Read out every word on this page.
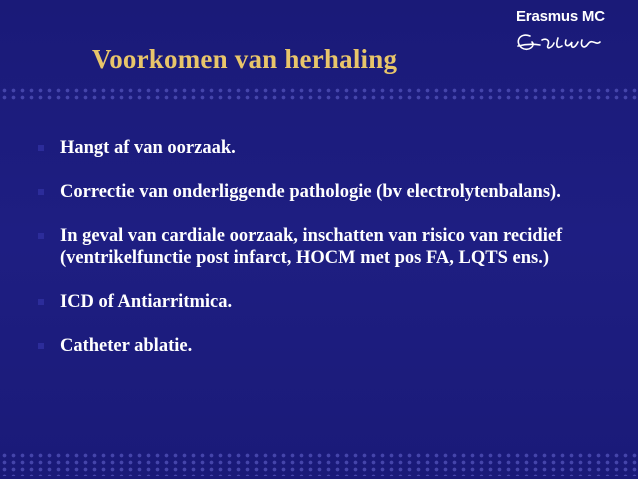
Erasmus MC
Voorkomen van herhaling
Hangt af van oorzaak.
Correctie van onderliggende pathologie (bv electrolytenbalans).
In geval van cardiale oorzaak, inschatten van risico van recidief (ventrikelfunctie post infarct, HOCM met pos FA, LQTS ens.)
ICD of Antiarritmica.
Catheter ablatie.
